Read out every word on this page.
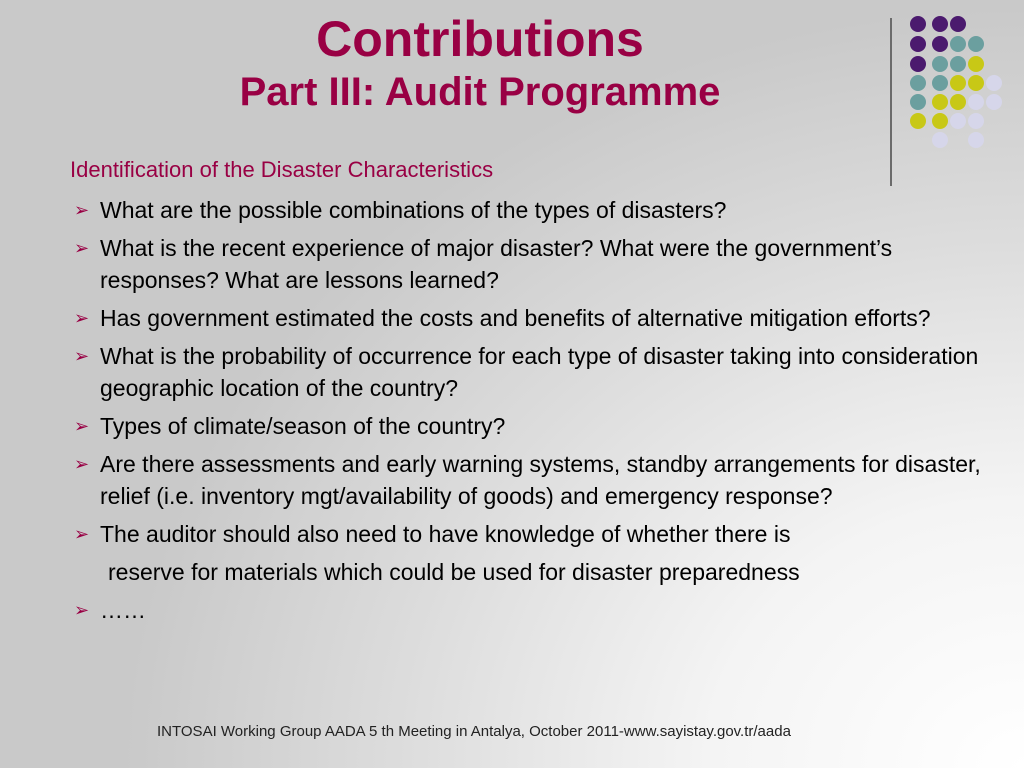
Contributions
Part III: Audit Programme

Identification of the Disaster Characteristics

➢ What are the possible combinations of the types of disasters?
➢ What is the recent experience of major disaster? What were the government’s responses? What are lessons learned?
➢ Has government estimated the costs and benefits of alternative mitigation efforts?
➢ What is the probability of occurrence for each type of disaster taking into consideration geographic location of the country?
➢ Types of climate/season of the country?
➢ Are there assessments and early warning systems, standby arrangements for disaster, relief (i.e. inventory mgt/availability of goods) and emergency response?
➢ The auditor should also need to have knowledge of whether there is

reserve for materials which could be used for disaster preparedness

➢ ……
INTOSAI Working Group AADA 5 th Meeting in Antalya, October 2011-www.sayistay.gov.tr/aada
